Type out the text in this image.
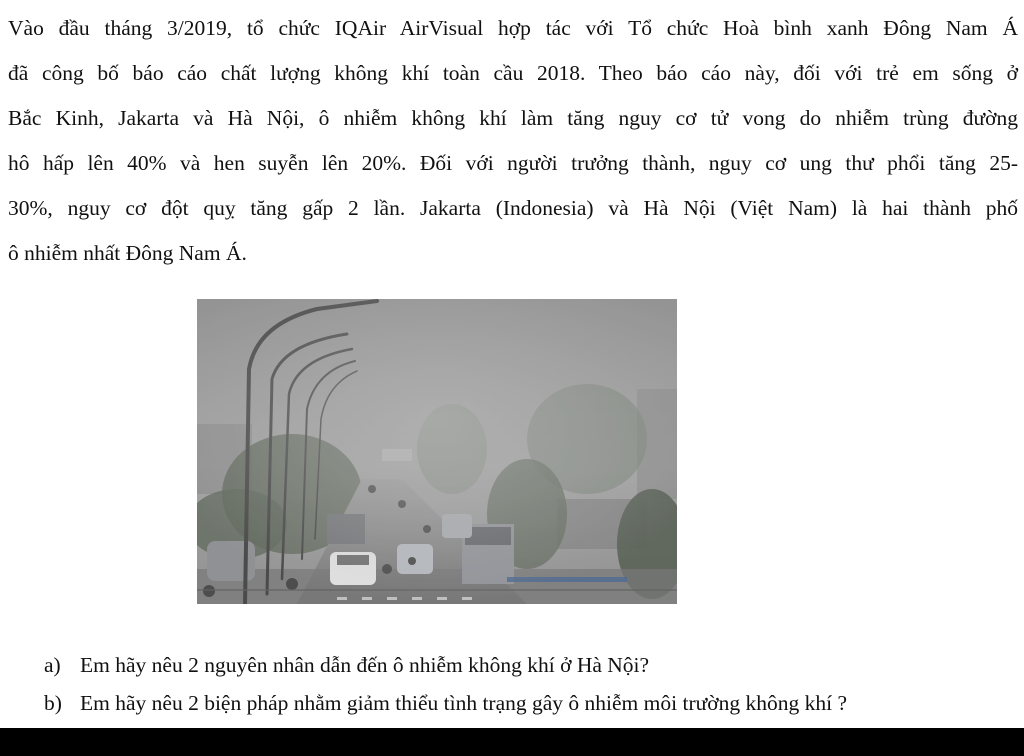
Vào đầu tháng 3/2019, tổ chức IQAir AirVisual hợp tác với Tổ chức Hoà bình xanh Đông Nam Á
đã công bố báo cáo chất lượng không khí toàn cầu 2018. Theo báo cáo này, đối với trẻ em sống ở
Bắc Kinh, Jakarta và Hà Nội, ô nhiễm không khí làm tăng nguy cơ tử vong do nhiễm trùng đường
hô hấp lên 40% và hen suyễn lên 20%. Đối với người trưởng thành, nguy cơ ung thư phổi tăng 25-
30%, nguy cơ đột quỵ tăng gấp 2 lần. Jakarta (Indonesia) và Hà Nội (Việt Nam) là hai thành phố
ô nhiễm nhất Đông Nam Á.
a) Em hãy nêu 2 nguyên nhân dẫn đến ô nhiễm không khí ở Hà Nội?
b) Em hãy nêu 2 biện pháp nhằm giảm thiểu tình trạng gây ô nhiễm môi trường không khí ?
